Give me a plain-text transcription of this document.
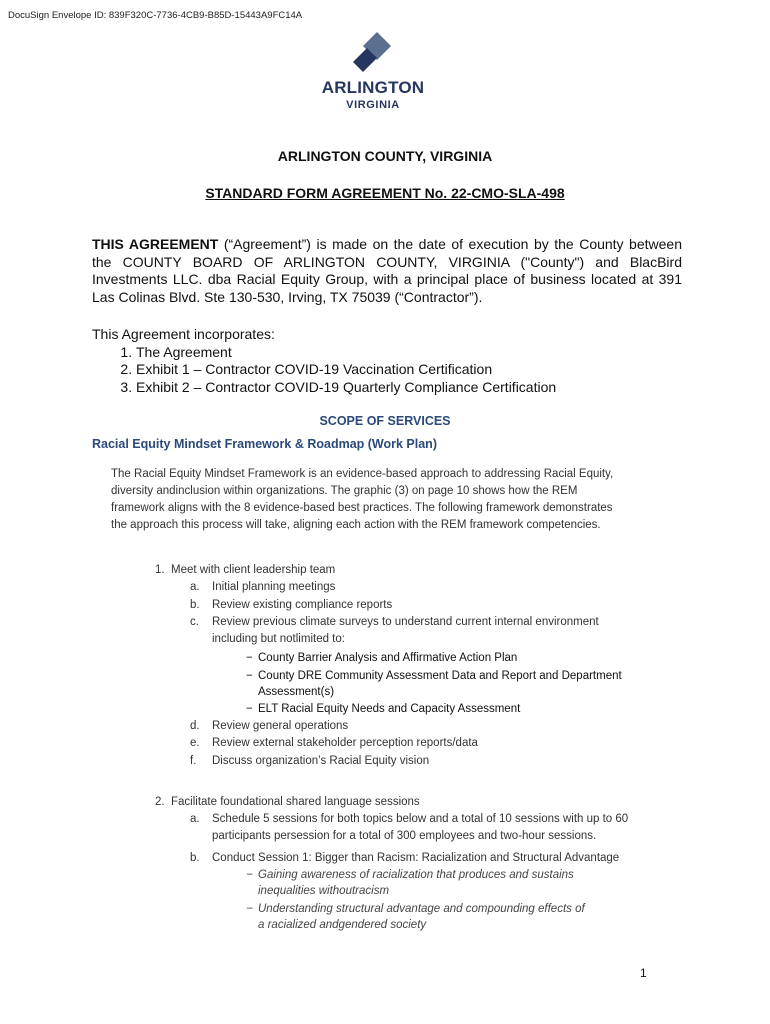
DocuSign Envelope ID: 839F320C-7736-4CB9-B85D-15443A9FC14A
ARLINGTON
VIRGINIA
ARLINGTON COUNTY, VIRGINIA
STANDARD FORM AGREEMENT No. 22-CMO-SLA-498
THIS AGREEMENT (“Agreement”) is made on the date of execution by the County between the COUNTY BOARD OF ARLINGTON COUNTY, VIRGINIA ("County") and BlacBird Investments LLC. dba Racial Equity Group, with a principal place of business located at 391 Las Colinas Blvd. Ste 130-530, Irving, TX 75039 (“Contractor”).
This Agreement incorporates:
1. The Agreement
2. Exhibit 1 – Contractor COVID-19 Vaccination Certification
3. Exhibit 2 – Contractor COVID-19 Quarterly Compliance Certification
SCOPE OF SERVICES
Racial Equity Mindset Framework & Roadmap (Work Plan)
The Racial Equity Mindset Framework is an evidence-based approach to addressing Racial Equity, diversity andinclusion within organizations. The graphic (3) on page 10 shows how the REM framework aligns with the 8 evidence-based best practices. The following framework demonstrates the approach this process will take, aligning each action with the REM framework competencies.
1. Meet with client leadership team
a. Initial planning meetings
b. Review existing compliance reports
c. Review previous climate surveys to understand current internal environment
including but notlimited to:
− County Barrier Analysis and Affirmative Action Plan
− County DRE Community Assessment Data and Report and Department
Assessment(s)
− ELT Racial Equity Needs and Capacity Assessment
d. Review general operations
e. Review external stakeholder perception reports/data
f. Discuss organization’s Racial Equity vision
2. Facilitate foundational shared language sessions
a. Schedule 5 sessions for both topics below and a total of 10 sessions with up to 60
participants persession for a total of 300 employees and two-hour sessions.
b. Conduct Session 1: Bigger than Racism: Racialization and Structural Advantage
− Gaining awareness of racialization that produces and sustains
inequalities withoutracism
− Understanding structural advantage and compounding effects of
a racialized andgendered society
1
